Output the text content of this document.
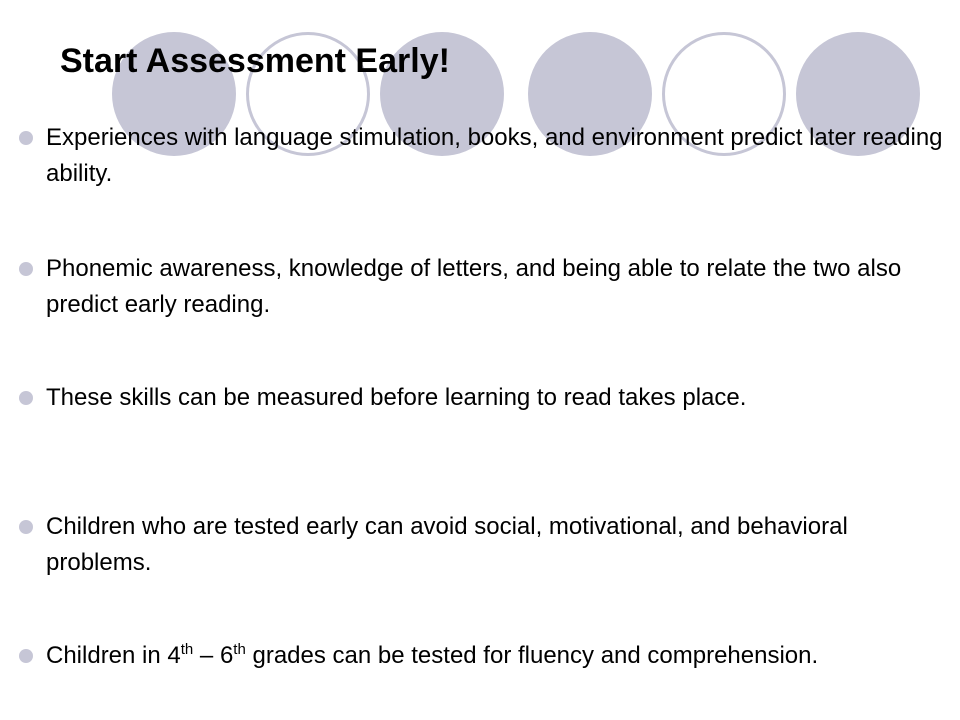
Start Assessment Early!
Experiences with language stimulation, books, and environment predict later reading ability.
Phonemic awareness, knowledge of letters, and being able to relate the two also predict early reading.
These skills can be measured before learning to read takes place.
Children who are tested early can avoid social, motivational, and behavioral problems.
Children in 4th – 6th grades can be tested for fluency and comprehension.
